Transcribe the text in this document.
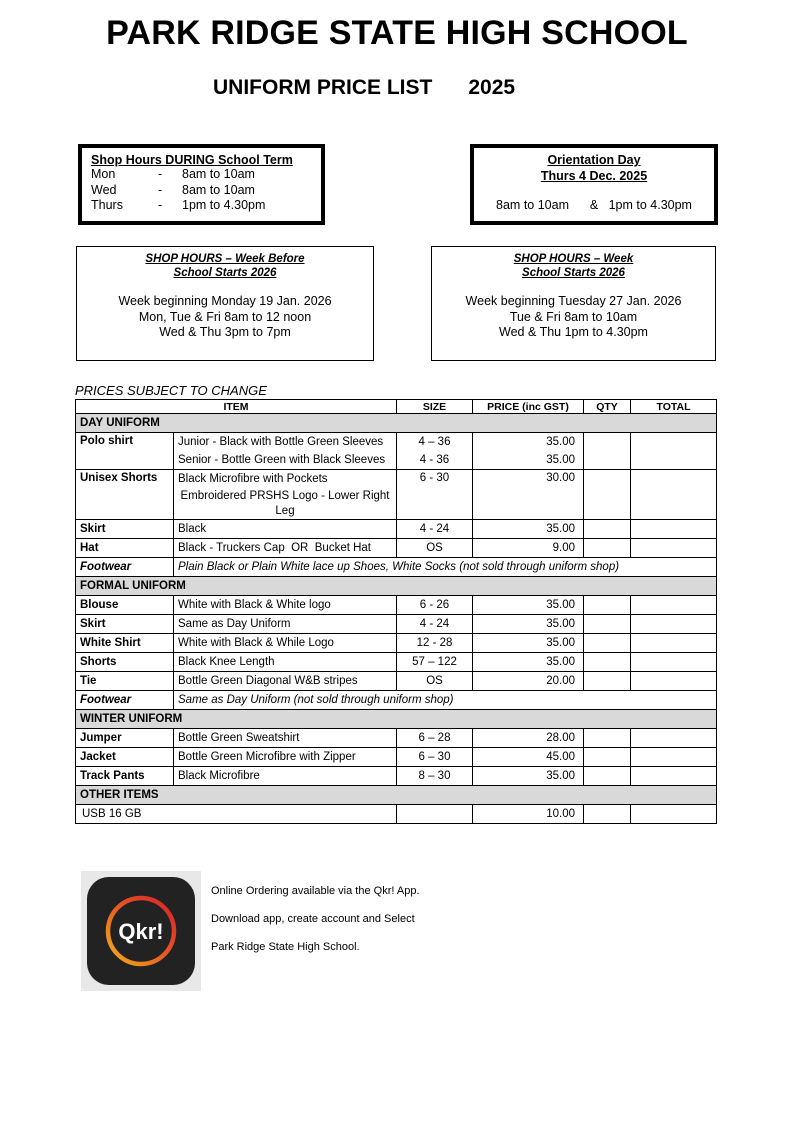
PARK RIDGE STATE HIGH SCHOOL
UNIFORM PRICE LIST 2025
Shop Hours DURING School Term
Mon	-	8am to 10am
Wed	-	8am to 10am
Thurs	-	1pm to 4.30pm
Orientation Day
Thurs 4 Dec. 2025
8am to 10am      &   1pm to 4.30pm
SHOP HOURS – Week Before
School Starts 2026
Week beginning Monday 19 Jan. 2026
Mon, Tue & Fri 8am to 12 noon
Wed & Thu 3pm to 7pm
SHOP HOURS – Week
School Starts 2026
Week beginning Tuesday 27 Jan. 2026
Tue & Fri 8am to 10am
Wed & Thu 1pm to 4.30pm
PRICES SUBJECT TO CHANGE
ITEM		SIZE	PRICE (inc GST)	QTY	TOTAL
DAY UNIFORM					
Polo shirt	Junior - Black with Bottle Green Sleeves	4 – 36	35.00		
	Senior - Bottle Green with Black Sleeves	4 - 36	35.00		
Unisex Shorts	Black Microfibre with Pockets
Embroidered PRSHS Logo - Lower Right Leg	6 - 30	30.00		
Skirt	Black	4 - 24	35.00		
Hat	Black - Truckers Cap  OR  Bucket Hat	OS	9.00		
Footwear	Plain Black or Plain White lace up Shoes, White Socks (not sold through uniform shop)				
FORMAL UNIFORM					
Blouse	White with Black & White logo	6 - 26	35.00		
Skirt	Same as Day Uniform	4 - 24	35.00		
White Shirt	White with Black & While Logo	12 - 28	35.00		
Shorts	Black Knee Length	57 – 122	35.00		
Tie	Bottle Green Diagonal W&B stripes	OS	20.00		
Footwear	Same as Day Uniform (not sold through uniform shop)				
WINTER UNIFORM					
Jumper	Bottle Green Sweatshirt	6 – 28	28.00		
Jacket	Bottle Green Microfibre with Zipper	6 – 30	45.00		
Track Pants	Black Microfibre	8 – 30	35.00		
OTHER ITEMS					
USB 16 GB			10.00		
Qkr!
Online Ordering available via the Qkr! App.
Download app, create account and Select
Park Ridge State High School.
